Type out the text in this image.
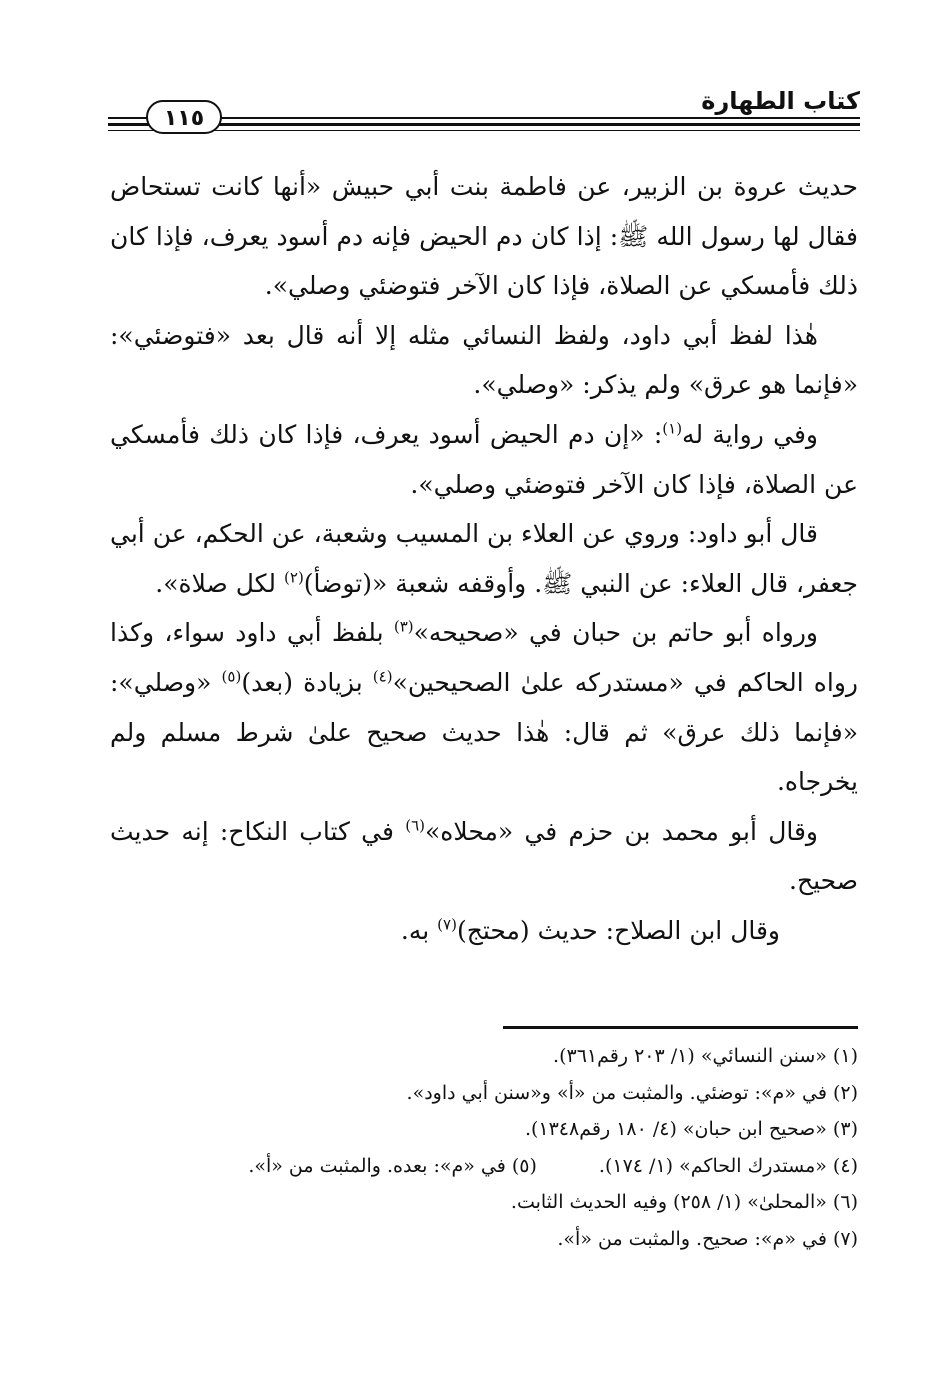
كتاب الطهارة
١١٥

حديث عروة بن الزبير، عن فاطمة بنت أبي حبيش «أنها كانت تستحاض فقال لها رسول الله ﷺ: إذا كان دم الحيض فإنه دم أسود يعرف، فإذا كان ذلك فأمسكي عن الصلاة، فإذا كان الآخر فتوضئي وصلي».

هٰذا لفظ أبي داود، ولفظ النسائي مثله إلا أنه قال بعد «فتوضئي»: «فإنما هو عرق» ولم يذكر: «وصلي».

وفي رواية له$^{(١)}$: «إن دم الحيض أسود يعرف، فإذا كان ذلك فأمسكي عن الصلاة، فإذا كان الآخر فتوضئي وصلي».

قال أبو داود: وروي عن العلاء بن المسيب وشعبة، عن الحكم، عن أبي جعفر، قال العلاء: عن النبي ﷺ. وأوقفه شعبة «(توضأ)$^{(٢)}$ لكل صلاة».

ورواه أبو حاتم بن حبان في «صحيحه»$^{(٣)}$ بلفظ أبي داود سواء، وكذا رواه الحاكم في «مستدركه علىٰ الصحيحين»$^{(٤)}$ بزيادة (بعد)$^{(٥)}$ «وصلي»: «فإنما ذلك عرق» ثم قال: هٰذا حديث صحيح علىٰ شرط مسلم ولم يخرجاه.

وقال أبو محمد بن حزم في «محلاه»$^{(٦)}$ في كتاب النكاح: إنه حديث صحيح.

وقال ابن الصلاح: حديث (محتج)$^{(٧)}$ به.

(١) «سنن النسائي» (١/ ٢٠٣ رقم٣٦١).

(٢) في «م»: توضئي. والمثبت من «أ» و«سنن أبي داود».

(٣) «صحيح ابن حبان» (٤/ ١٨٠ رقم١٣٤٨).

(٤) «مستدرك الحاكم» (١/ ١٧٤).(٥) في «م»: بعده. والمثبت من «أ».

(٦) «المحلىٰ» (١/ ٢٥٨) وفيه الحديث الثابت.

(٧) في «م»: صحيح. والمثبت من «أ».
